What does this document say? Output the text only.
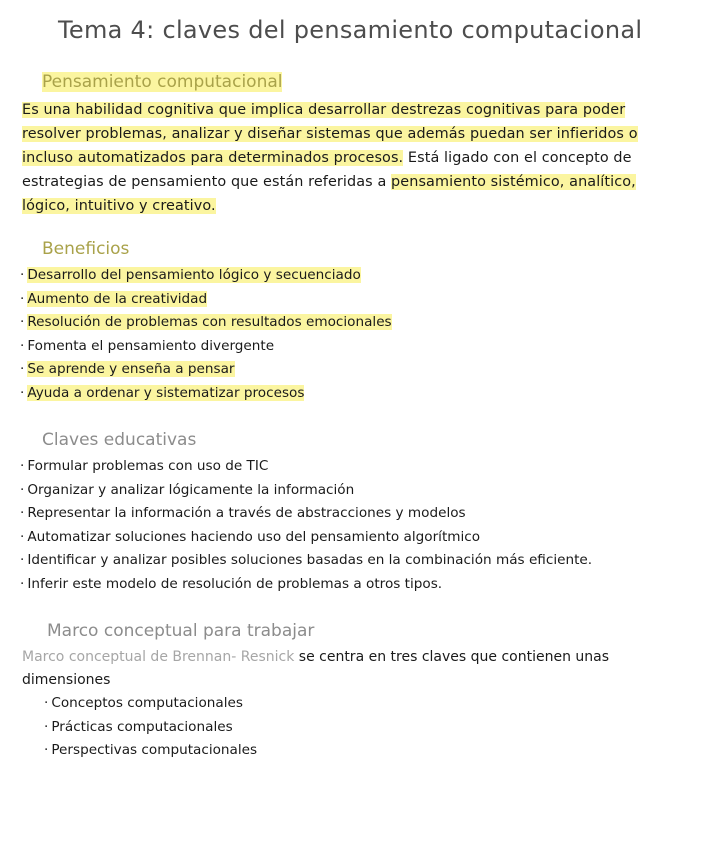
Tema 4: claves del pensamiento computacional
Pensamiento computacional
Es una habilidad cognitiva que implica desarrollar destrezas cognitivas para poder resolver problemas, analizar y diseñar sistemas que además puedan ser infieridos o incluso automatizados para determinados procesos. Está ligado con el concepto de estrategias de pensamiento que están referidas a pensamiento sistémico, analítico, lógico, intuitivo y creativo.
Beneficios
· Desarrollo del pensamiento lógico y secuenciado
· Aumento de la creatividad
· Resolución de problemas con resultados emocionales
· Fomenta el pensamiento divergente
· Se aprende y enseña a pensar
· Ayuda a ordenar y sistematizar procesos
Claves educativas
· Formular problemas con uso de TIC
· Organizar y analizar lógicamente la información
· Representar la información a través de abstracciones y modelos
· Automatizar soluciones haciendo uso del pensamiento algorítmico
· Identificar y analizar posibles soluciones basadas en la combinación más eficiente.
· Inferir este modelo de resolución de problemas a otros tipos.
Marco conceptual para trabajar
Marco conceptual de Brennan- Resnick se centra en tres claves que contienen unas dimensiones
· Conceptos computacionales
· Prácticas computacionales
· Perspectivas computacionales
